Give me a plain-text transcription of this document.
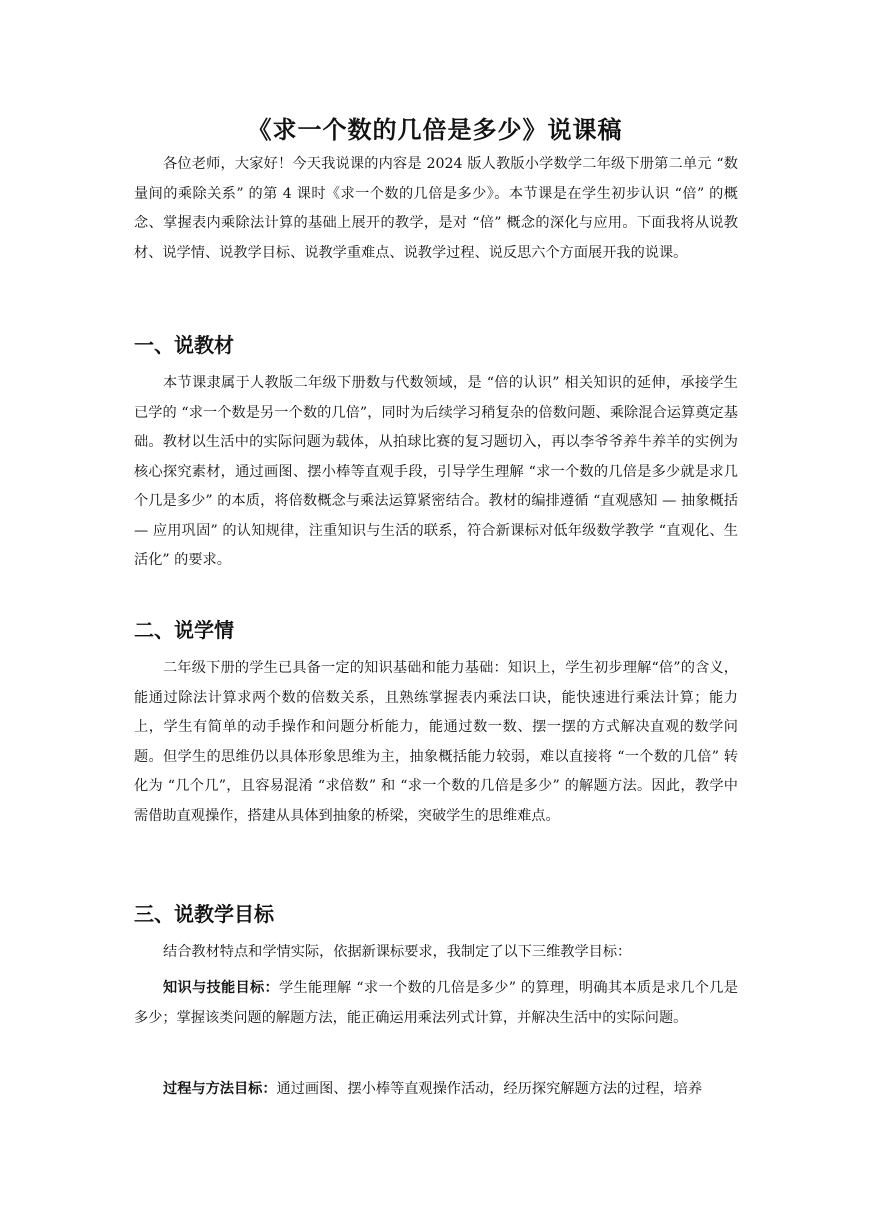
《求一个数的几倍是多少》说课稿

各位老师，大家好！今天我说课的内容是 2024 版人教版小学数学二年级下册第二单元 “数量间的乘除关系” 的第 4 课时《求一个数的几倍是多少》。本节课是在学生初步认识 “倍” 的概念、掌握表内乘除法计算的基础上展开的教学，是对 “倍” 概念的深化与应用。下面我将从说教材、说学情、说教学目标、说教学重难点、说教学过程、说反思六个方面展开我的说课。

一、说教材

本节课隶属于人教版二年级下册数与代数领域，是 “倍的认识” 相关知识的延伸，承接学生已学的 “求一个数是另一个数的几倍”，同时为后续学习稍复杂的倍数问题、乘除混合运算奠定基础。教材以生活中的实际问题为载体，从拍球比赛的复习题切入，再以李爷爷养牛养羊的实例为核心探究素材，通过画图、摆小棒等直观手段，引导学生理解 “求一个数的几倍是多少就是求几个几是多少” 的本质，将倍数概念与乘法运算紧密结合。教材的编排遵循 “直观感知 — 抽象概括 — 应用巩固” 的认知规律，注重知识与生活的联系，符合新课标对低年级数学教学 “直观化、生活化” 的要求。

二、说学情

二年级下册的学生已具备一定的知识基础和能力基础：知识上，学生初步理解“倍”的含义，能通过除法计算求两个数的倍数关系，且熟练掌握表内乘法口诀，能快速进行乘法计算；能力上，学生有简单的动手操作和问题分析能力，能通过数一数、摆一摆的方式解决直观的数学问题。但学生的思维仍以具体形象思维为主，抽象概括能力较弱，难以直接将 “一个数的几倍” 转化为 “几个几”，且容易混淆 “求倍数” 和 “求一个数的几倍是多少” 的解题方法。因此，教学中需借助直观操作，搭建从具体到抽象的桥梁，突破学生的思维难点。

三、说教学目标

结合教材特点和学情实际，依据新课标要求，我制定了以下三维教学目标：

知识与技能目标：学生能理解 “求一个数的几倍是多少” 的算理，明确其本质是求几个几是多少；掌握该类问题的解题方法，能正确运用乘法列式计算，并解决生活中的实际问题。

过程与方法目标：通过画图、摆小棒等直观操作活动，经历探究解题方法的过程，培养
